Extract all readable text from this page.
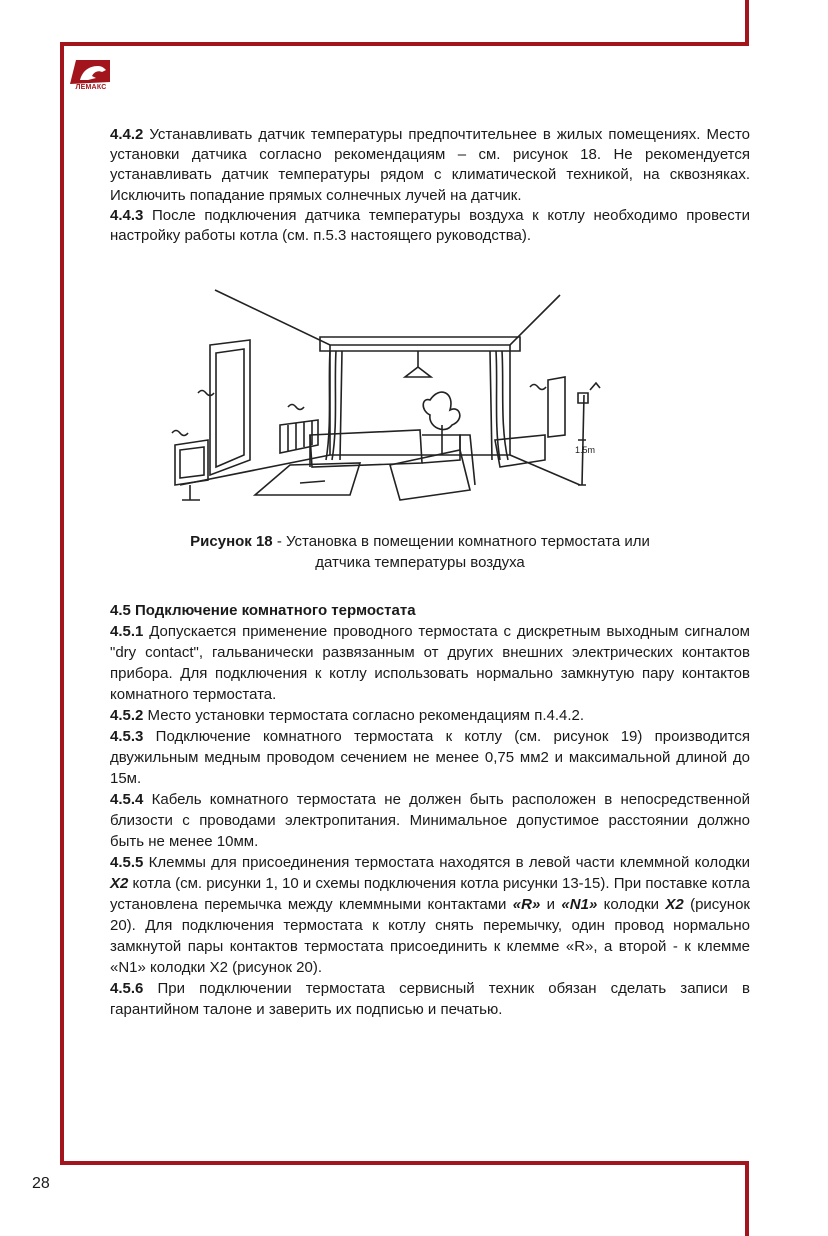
ЛЕМАКС

4.4.2 Устанавливать датчик температуры предпочтительнее в жилых помещениях. Место установки датчика согласно рекомендациям – см. рисунок 18. Не рекомендуется устанавливать датчик температуры рядом с климатической техникой, на сквозняках. Исключить попадание прямых солнечных лучей на датчик.

4.4.3 После подключения датчика температуры воздуха к котлу необходимо провести настройку работы котла (см. п.5.3 настоящего руководства).

1.5m
Рисунок 18 - Установка в помещении комнатного термостата или
датчика температуры воздуха
4.5 Подключение комнатного термостата

4.5.1 Допускается применение проводного термостата с дискретным выходным сигналом "dry contact", гальванически развязанным от других внешних электрических контактов прибора. Для подключения к котлу использовать нормально замкнутую пару контактов комнатного термостата.

4.5.2 Место установки термостата согласно рекомендациям п.4.4.2.

4.5.3 Подключение комнатного термостата к котлу (см. рисунок 19) производится двужильным медным проводом сечением не менее 0,75 мм2 и максимальной длиной до 15м.

4.5.4 Кабель комнатного термостата не должен быть расположен в непосредственной близости с проводами электропитания. Минимальное допустимое расстоянии должно быть не менее 10мм.

4.5.5 Клеммы для присоединения термостата находятся в левой части клеммной колодки X2 котла (см. рисунки 1, 10 и схемы подключения котла рисунки 13-15). При поставке котла установлена перемычка между клеммными контактами «R» и «N1» колодки X2 (рисунок 20). Для подключения термостата к котлу снять перемычку, один провод нормально замкнутой пары контактов термостата присоединить к клемме «R», а второй - к клемме «N1» колодки X2 (рисунок 20).

4.5.6 При подключении термостата сервисный техник обязан сделать записи в гарантийном талоне и заверить их подписью и печатью.

28
